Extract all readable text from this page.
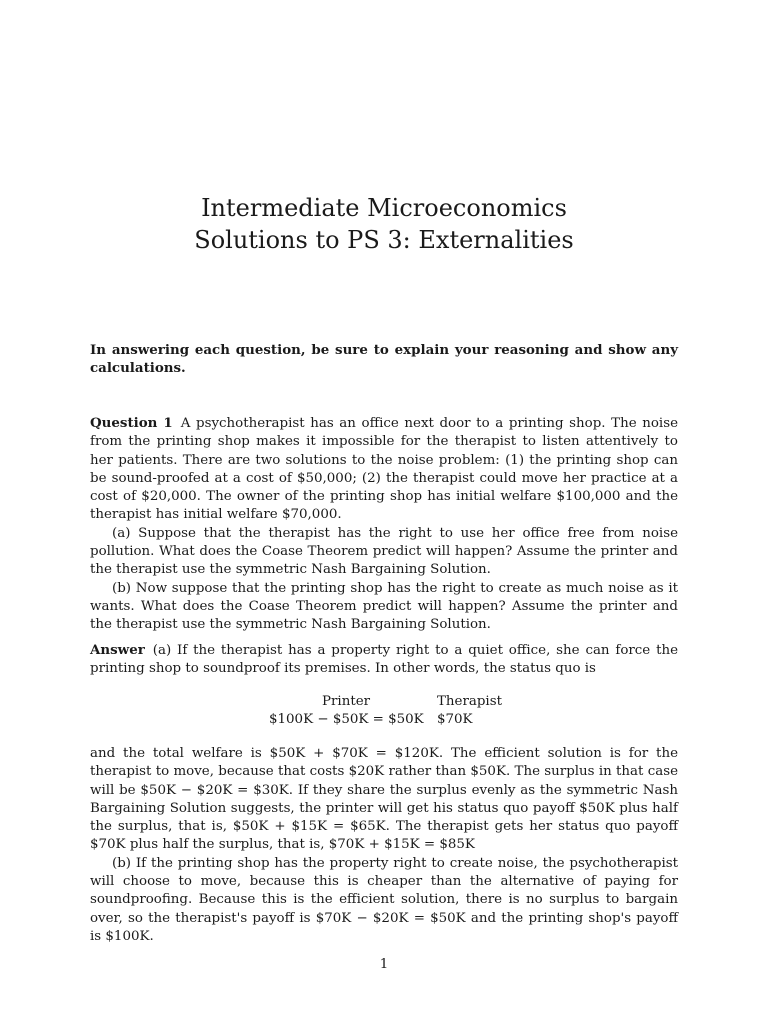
Intermediate Microeconomics
Solutions to PS 3: Externalities
In answering each question, be sure to explain your reasoning and show any calculations.
Question 1 A psychotherapist has an office next door to a printing shop. The noise from the printing shop makes it impossible for the therapist to listen attentively to her patients. There are two solutions to the noise problem: (1) the printing shop can be sound-proofed at a cost of $50,000; (2) the therapist could move her practice at a cost of $20,000. The owner of the printing shop has initial welfare $100,000 and the therapist has initial welfare $70,000.
(a) Suppose that the therapist has the right to use her office free from noise pollution. What does the Coase Theorem predict will happen? Assume the printer and the therapist use the symmetric Nash Bargaining Solution.
(b) Now suppose that the printing shop has the right to create as much noise as it wants. What does the Coase Theorem predict will happen? Assume the printer and the therapist use the symmetric Nash Bargaining Solution.
Answer (a) If the therapist has a property right to a quiet office, she can force the printing shop to soundproof its premises. In other words, the status quo is
Printer	Therapist
$100K − $50K = $50K $70K
and the total welfare is $50K + $70K = $120K. The efficient solution is for the therapist to move, because that costs $20K rather than $50K. The surplus in that case will be $50K − $20K = $30K. If they share the surplus evenly as the symmetric Nash Bargaining Solution suggests, the printer will get his status quo payoff $50K plus half the surplus, that is, $50K + $15K = $65K. The therapist gets her status quo payoff $70K plus half the surplus, that is, $70K + $15K = $85K
(b) If the printing shop has the property right to create noise, the psychotherapist will choose to move, because this is cheaper than the alternative of paying for soundproofing. Because this is the efficient solution, there is no surplus to bargain over, so the therapist's payoff is $70K − $20K = $50K and the printing shop's payoff is $100K.
1
